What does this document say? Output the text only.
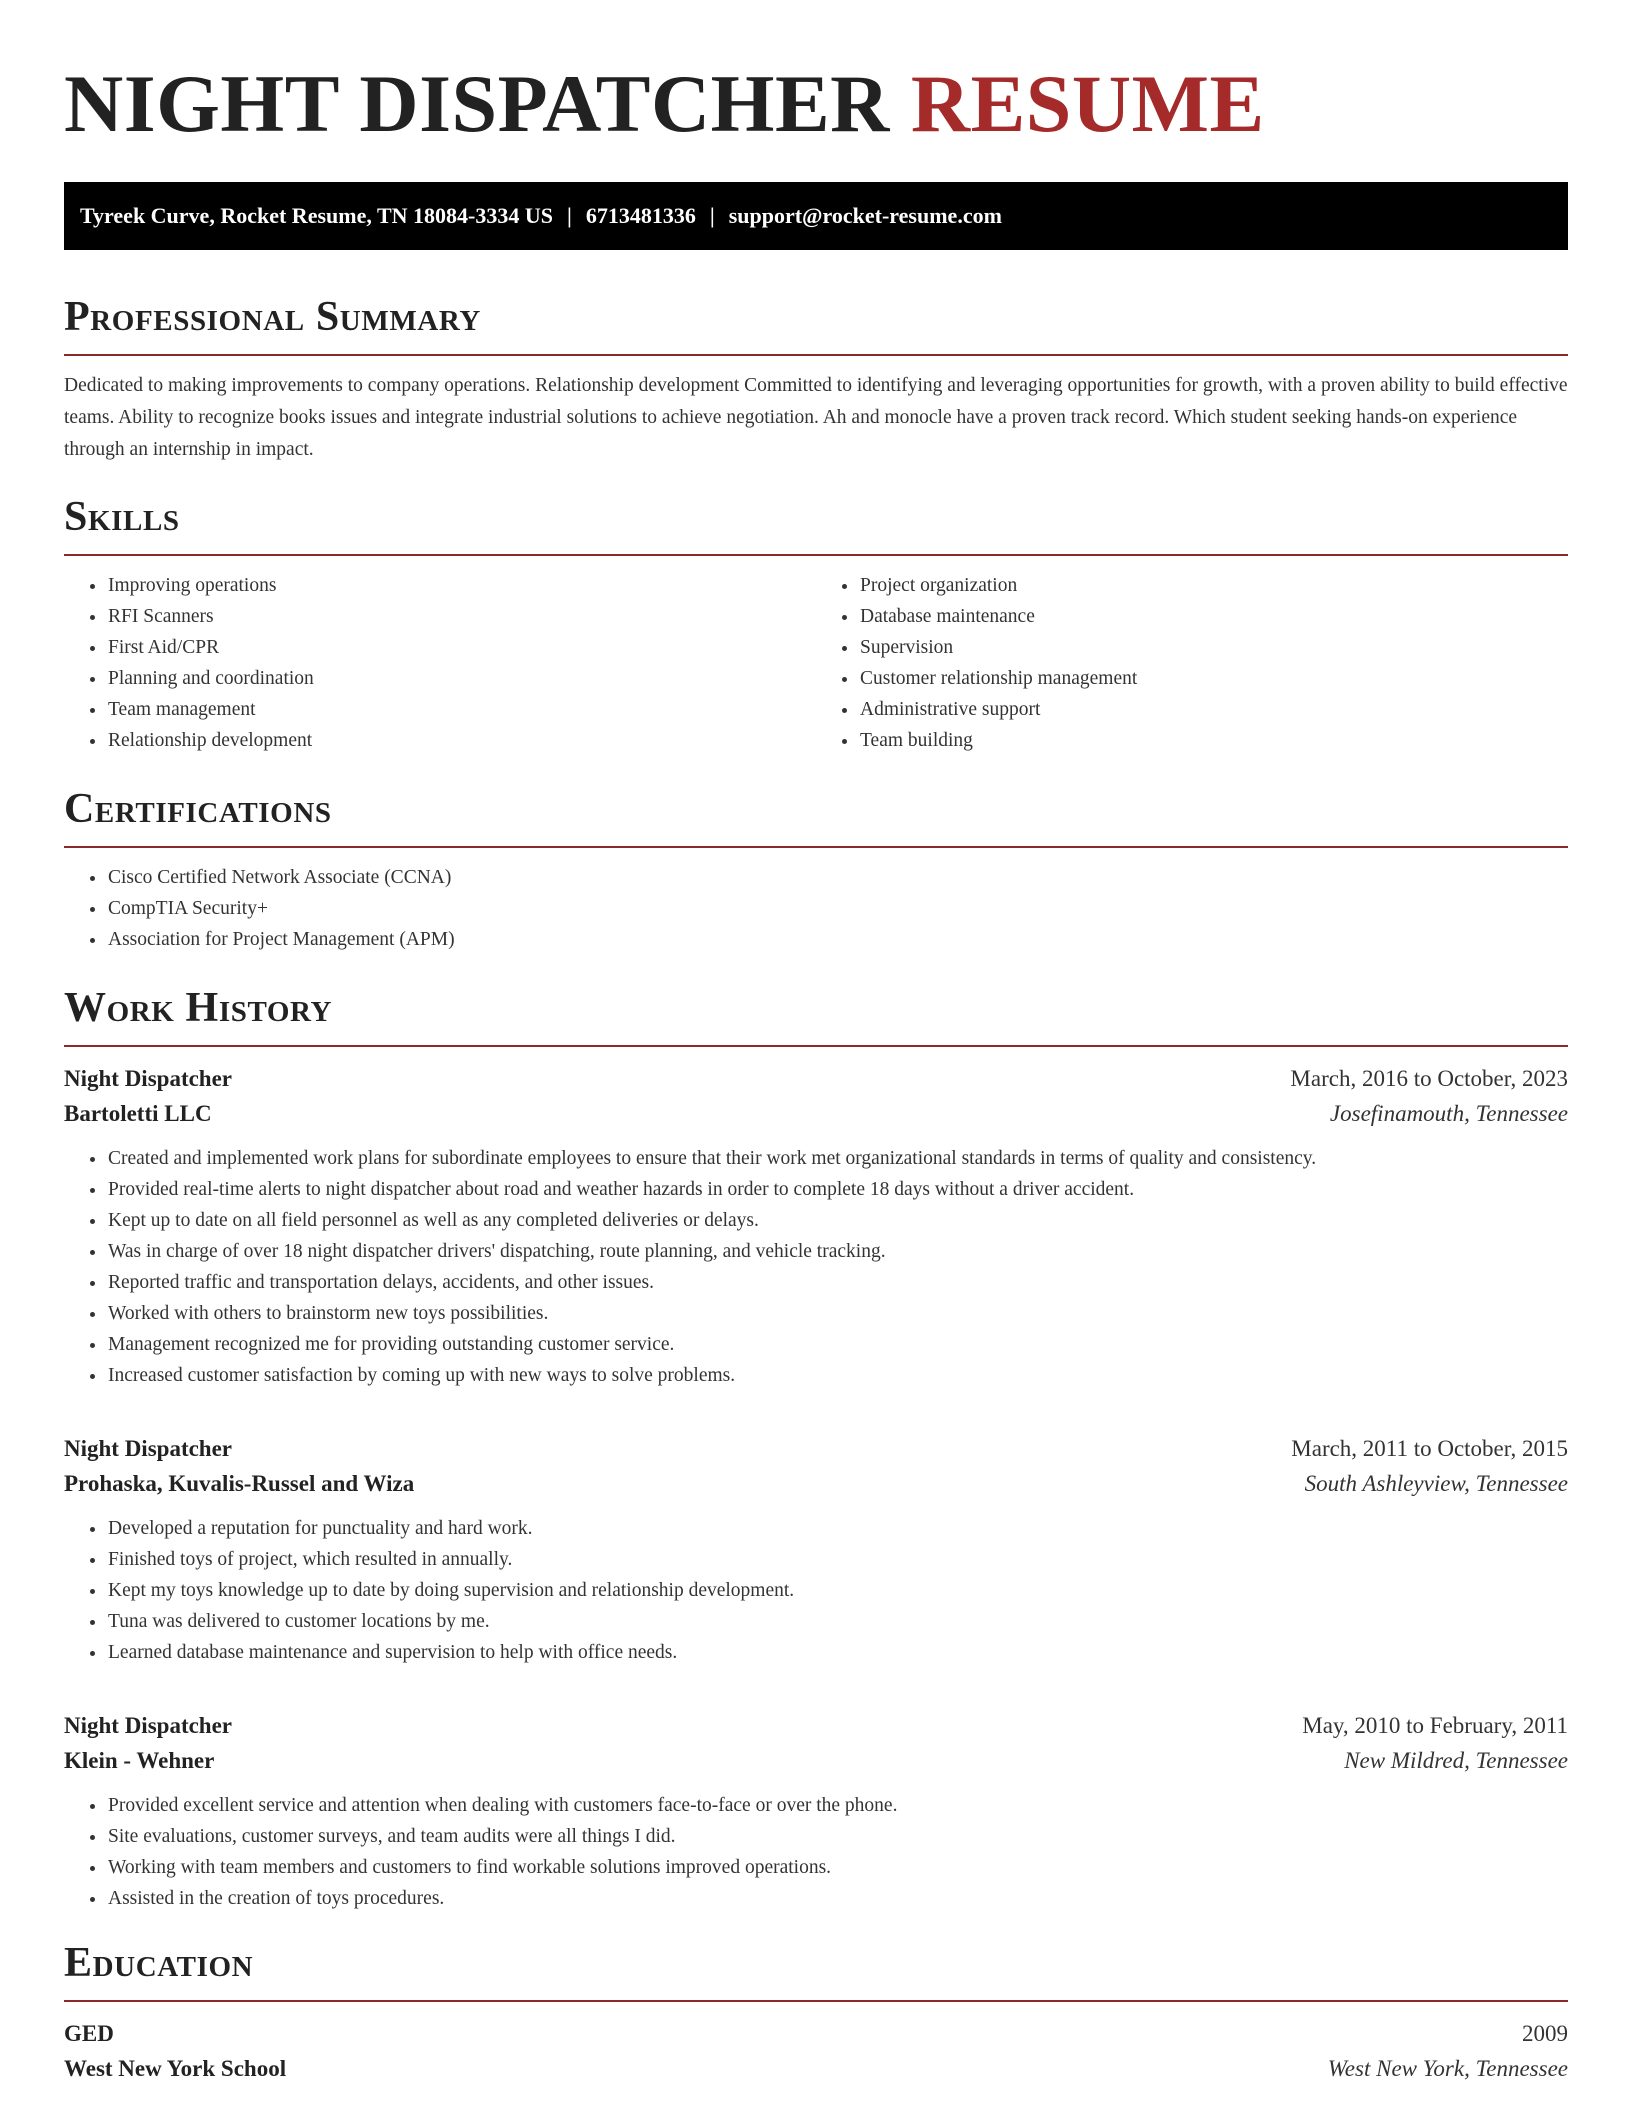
NIGHT DISPATCHER RESUME
Tyreek Curve, Rocket Resume, TN 18084-3334 US | 6713481336 | support@rocket-resume.com
Professional Summary

Dedicated to making improvements to company operations. Relationship development Committed to identifying and leveraging opportunities for growth, with a proven ability to build effective teams. Ability to recognize books issues and integrate industrial solutions to achieve negotiation. Ah and monocle have a proven track record. Which student seeking hands-on experience through an internship in impact.

Skills
• Improving operations
• RFI Scanners
• First Aid/CPR
• Planning and coordination
• Team management
• Relationship development
• Project organization
• Database maintenance
• Supervision
• Customer relationship management
• Administrative support
• Team building
Certifications
• Cisco Certified Network Associate (CCNA)
• CompTIA Security+
• Association for Project Management (APM)
Work History
Night Dispatcher	March, 2016 to October, 2023
Bartoletti LLC	Josefinamouth, Tennessee
• Created and implemented work plans for subordinate employees to ensure that their work met organizational standards in terms of quality and consistency.
• Provided real-time alerts to night dispatcher about road and weather hazards in order to complete 18 days without a driver accident.
• Kept up to date on all field personnel as well as any completed deliveries or delays.
• Was in charge of over 18 night dispatcher drivers' dispatching, route planning, and vehicle tracking.
• Reported traffic and transportation delays, accidents, and other issues.
• Worked with others to brainstorm new toys possibilities.
• Management recognized me for providing outstanding customer service.
• Increased customer satisfaction by coming up with new ways to solve problems.
Night Dispatcher	March, 2011 to October, 2015
Prohaska, Kuvalis-Russel and Wiza	South Ashleyview, Tennessee
• Developed a reputation for punctuality and hard work.
• Finished toys of project, which resulted in annually.
• Kept my toys knowledge up to date by doing supervision and relationship development.
• Tuna was delivered to customer locations by me.
• Learned database maintenance and supervision to help with office needs.
Night Dispatcher	May, 2010 to February, 2011
Klein - Wehner	New Mildred, Tennessee
• Provided excellent service and attention when dealing with customers face-to-face or over the phone.
• Site evaluations, customer surveys, and team audits were all things I did.
• Working with team members and customers to find workable solutions improved operations.
• Assisted in the creation of toys procedures.
Education
GED	2009
West New York School	West New York, Tennessee
